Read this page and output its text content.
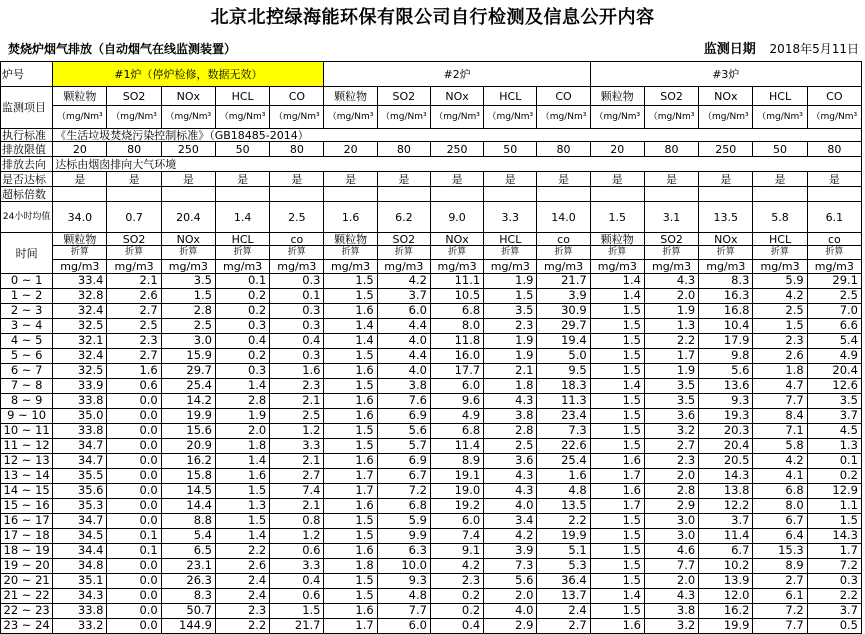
北京北控绿海能环保有限公司自行检测及信息公开内容
焚烧炉烟气排放（自动烟气在线监测装置）	监测日期 2018年5月11日
炉号	#1炉（停炉检修，数据无效）					#2炉					#3炉				
监测项目	颗粒物	SO2	NOx	HCL	CO	颗粒物	SO2	NOx	HCL	CO	颗粒物	SO2	NOx	HCL	CO
	（mg/Nm³	（mg/Nm³	（mg/Nm³	（mg/Nm³	（mg/Nm³	（mg/Nm³	（mg/Nm³	（mg/Nm³	（mg/Nm³	（mg/Nm³	（mg/Nm³	（mg/Nm³	（mg/Nm³	（mg/Nm³	（mg/Nm³
执行标准	《生活垃圾焚烧污染控制标准》（GB18485-2014）														
排放限值	20	80	250	50	80	20	80	250	50	80	20	80	250	50	80
排放去向	达标由烟囱排向大气环境														
是否达标	是	是	是	是	是	是	是	是	是	是	是	是	是	是	是
超标倍数															
24小时均值	34.0	0.7	20.4	1.4	2.5	1.6	6.2	9.0	3.3	14.0	1.5	3.1	13.5	5.8	6.1
时间	颗粒物	SO2	NOx	HCL	co	颗粒物	SO2	NOx	HCL	co	颗粒物	SO2	NOx	HCL	co
	折算	折算	折算	折算	折算	折算	折算	折算	折算	折算	折算	折算	折算	折算	折算
	mg/m3	mg/m3	mg/m3	mg/m3	mg/m3	mg/m3	mg/m3	mg/m3	mg/m3	mg/m3	mg/m3	mg/m3	mg/m3	mg/m3	mg/m3
0 ~ 1	33.4	2.1	3.5	0.1	0.3	1.5	4.2	11.1	1.9	21.7	1.4	4.3	8.3	5.9	29.1
1 ~ 2	32.8	2.6	1.5	0.2	0.1	1.5	3.7	10.5	1.5	3.9	1.4	2.0	16.3	4.2	2.5
2 ~ 3	32.4	2.7	2.8	0.2	0.3	1.6	6.0	6.8	3.5	30.9	1.5	1.9	16.8	2.5	7.0
3 ~ 4	32.5	2.5	2.5	0.3	0.3	1.4	4.4	8.0	2.3	29.7	1.5	1.3	10.4	1.5	6.6
4 ~ 5	32.1	2.3	3.0	0.4	0.4	1.4	4.0	11.8	1.9	19.4	1.5	2.2	17.9	2.3	5.4
5 ~ 6	32.4	2.7	15.9	0.2	0.3	1.5	4.4	16.0	1.9	5.0	1.5	1.7	9.8	2.6	4.9
6 ~ 7	32.5	1.6	29.7	0.3	1.6	1.6	4.0	17.7	2.1	9.5	1.5	1.9	5.6	1.8	20.4
7 ~ 8	33.9	0.6	25.4	1.4	2.3	1.5	3.8	6.0	1.8	18.3	1.4	3.5	13.6	4.7	12.6
8 ~ 9	33.8	0.0	14.2	2.8	2.1	1.6	7.6	9.6	4.3	11.3	1.5	3.5	9.3	7.7	3.5
9 ~ 10	35.0	0.0	19.9	1.9	2.5	1.6	6.9	4.9	3.8	23.4	1.5	3.6	19.3	8.4	3.7
10 ~ 11	33.8	0.0	15.6	2.0	1.2	1.5	5.6	6.8	2.8	7.3	1.5	3.2	20.3	7.1	4.5
11 ~ 12	34.7	0.0	20.9	1.8	3.3	1.5	5.7	11.4	2.5	22.6	1.5	2.7	20.4	5.8	1.3
12 ~ 13	34.7	0.0	16.2	1.4	2.1	1.6	6.9	8.9	3.6	25.4	1.6	2.3	20.5	4.2	0.1
13 ~ 14	35.5	0.0	15.8	1.6	2.7	1.7	6.7	19.1	4.3	1.6	1.7	2.0	14.3	4.1	0.2
14 ~ 15	35.6	0.0	14.5	1.5	7.4	1.7	7.2	19.0	4.3	4.8	1.6	2.8	13.8	6.8	12.9
15 ~ 16	35.3	0.0	14.4	1.3	2.1	1.6	6.8	19.2	4.0	13.5	1.7	2.9	12.2	8.0	1.1
16 ~ 17	34.7	0.0	8.8	1.5	0.8	1.5	5.9	6.0	3.4	2.2	1.5	3.0	3.7	6.7	1.5
17 ~ 18	34.5	0.1	5.4	1.4	1.2	1.5	9.9	7.4	4.2	19.9	1.5	3.0	11.4	6.4	14.3
18 ~ 19	34.4	0.1	6.5	2.2	0.6	1.6	6.3	9.1	3.9	5.1	1.5	4.6	6.7	15.3	1.7
19 ~ 20	34.8	0.0	23.1	2.6	3.3	1.8	10.0	4.2	7.3	5.3	1.5	7.7	10.2	8.9	7.2
20 ~ 21	35.1	0.0	26.3	2.4	0.4	1.5	9.3	2.3	5.6	36.4	1.5	2.0	13.9	2.7	0.3
21 ~ 22	34.3	0.0	8.3	2.4	0.6	1.5	4.8	0.2	2.0	13.7	1.4	4.3	12.0	6.1	2.2
22 ~ 23	33.8	0.0	50.7	2.3	1.5	1.6	7.7	0.2	4.0	2.4	1.5	3.8	16.2	7.2	3.7
23 ~ 24	33.2	0.0	144.9	2.2	21.7	1.7	6.0	0.4	2.9	2.7	1.6	3.2	19.9	7.7	0.5
